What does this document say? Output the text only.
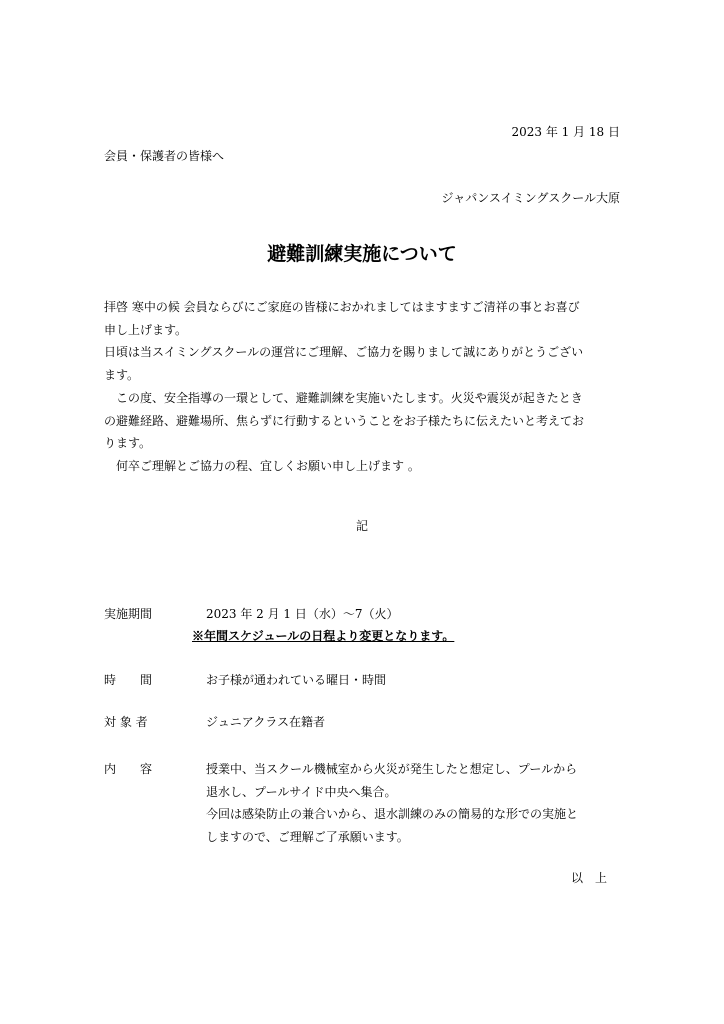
2023 年 1 月 18 日
会員・保護者の皆様へ
ジャパンスイミングスクール大原
避難訓練実施について

拝啓 寒中の候 会員ならびにご家庭の皆様におかれましてはますますご清祥の事とお喜び

申し上げます。

日頃は当スイミングスクールの運営にご理解、ご協力を賜りまして誠にありがとうござい

ます。

　この度、安全指導の一環として、避難訓練を実施いたします。火災や震災が起きたとき

の避難経路、避難場所、焦らずに行動するということをお子様たちに伝えたいと考えてお

ります。

　何卒ご理解とご協力の程、宜しくお願い申し上げます 。

記
実施期間	2023 年 2 月 1 日（水）～7（火）
※年間スケジュールの日程より変更となります。
時　　間	お子様が通われている曜日・時間
対 象 者	ジュニアクラス在籍者
内　　容	授業中、当スクール機械室から火災が発生したと想定し、プールから

退水し、プールサイド中央へ集合。

今回は感染防止の兼合いから、退水訓練のみの簡易的な形での実施と

しますので、ご理解ご了承願います。

以　上
